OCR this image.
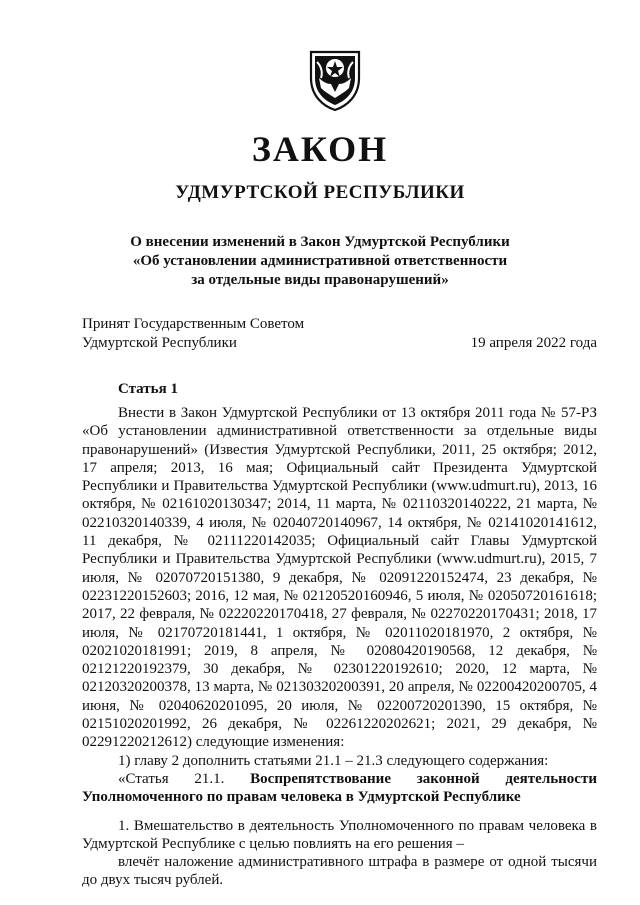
ЗАКОН
УДМУРТСКОЙ РЕСПУБЛИКИ
О внесении изменений в Закон Удмуртской Республики
«Об установлении административной ответственности
за отдельные виды правонарушений»
Принят Государственным Советом
Удмуртской Республики	19 апреля 2022 года
Статья 1

Внести в Закон Удмуртской Республики от 13 октября 2011 года № 57-РЗ «Об установлении административной ответственности за отдельные виды правонарушений» (Известия Удмуртской Республики, 2011, 25 октября; 2012, 17 апреля; 2013, 16 мая; Официальный сайт Президента Удмуртской Республики и Правительства Удмуртской Республики (www.udmurt.ru), 2013, 16 октября, № 02161020130347; 2014, 11 марта, № 02110320140222, 21 марта, № 02210320140339, 4 июля, № 02040720140967, 14 октября, № 02141020141612, 11 декабря, № 02111220142035; Официальный сайт Главы Удмуртской Республики и Правительства Удмуртской Республики (www.udmurt.ru), 2015, 7 июля, № 02070720151380, 9 декабря, № 02091220152474, 23 декабря, № 02231220152603; 2016, 12 мая, № 02120520160946, 5 июля, № 02050720161618; 2017, 22 февраля, № 02220220170418, 27 февраля, № 02270220170431; 2018, 17 июля, № 02170720181441, 1 октября, № 02011020181970, 2 октября, № 02021020181991; 2019, 8 апреля, № 02080420190568, 12 декабря, № 02121220192379, 30 декабря, № 02301220192610; 2020, 12 марта, № 02120320200378, 13 марта, № 02130320200391, 20 апреля, № 02200420200705, 4 июня, № 02040620201095, 20 июля, № 02200720201390, 15 октября, № 02151020201992, 26 декабря, № 02261220202621; 2021, 29 декабря, № 02291220212612) следующие изменения:

1) главу 2 дополнить статьями 21.1 – 21.3 следующего содержания:

«Статья 21.1. Воспрепятствование законной деятельности Уполномоченного по правам человека в Удмуртской Республике

1. Вмешательство в деятельность Уполномоченного по правам человека в Удмуртской Республике с целью повлиять на его решения –

влечёт наложение административного штрафа в размере от одной тысячи до двух тысяч рублей.
